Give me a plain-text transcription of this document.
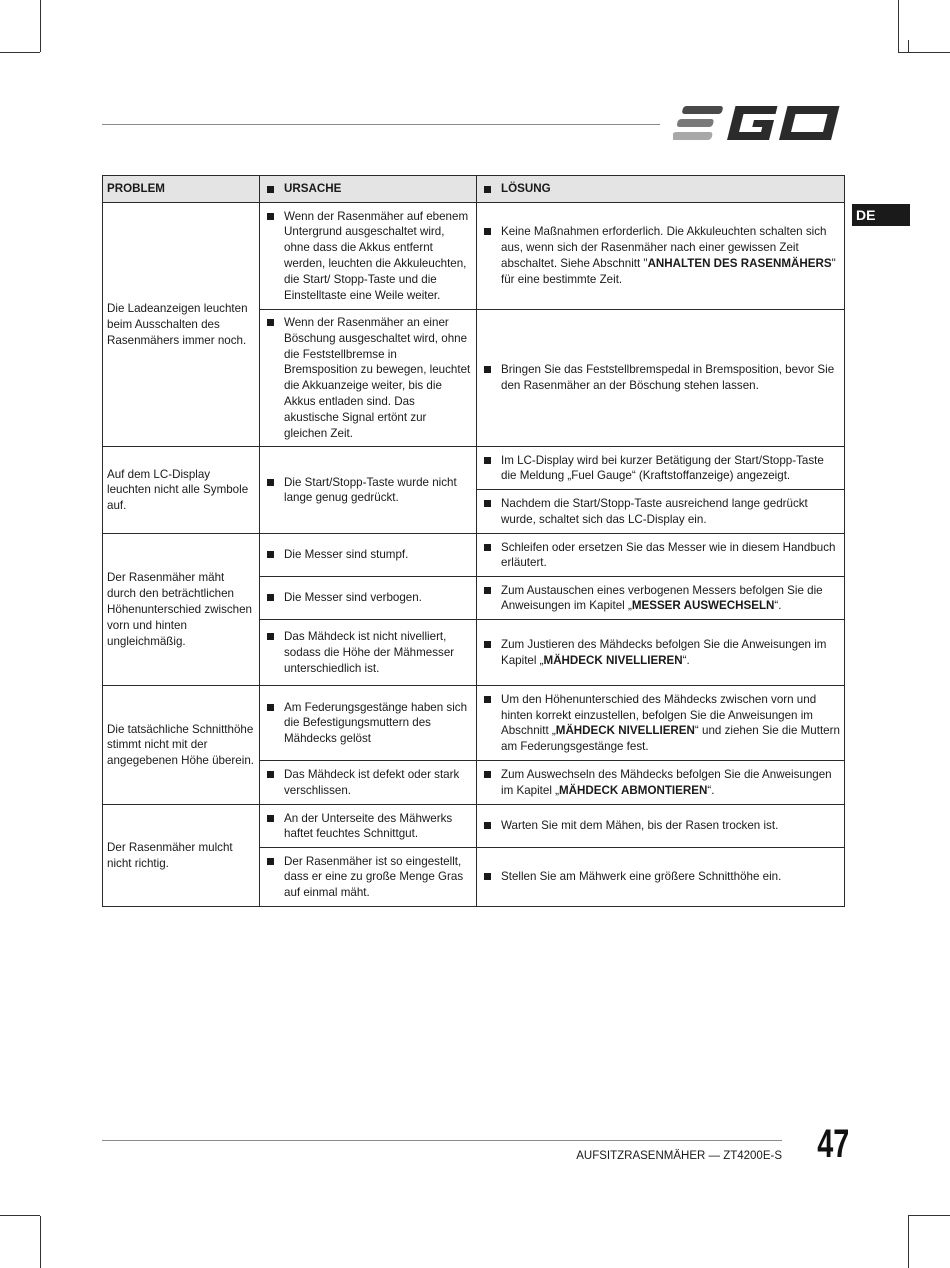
DE
PROBLEM	URSACHE	LÖSUNG

Die Ladeanzeigen leuchten beim Ausschalten des Rasenmähers immer noch.	Wenn der Rasenmäher auf ebenem Untergrund ausgeschaltet wird, ohne dass die Akkus entfernt werden, leuchten die Akkuleuchten, die Start/ Stopp-Taste und die Einstelltaste eine Weile weiter.	Keine Maßnahmen erforderlich. Die Akkuleuchten schalten sich aus, wenn sich der Rasenmäher nach einer gewissen Zeit abschaltet. Siehe Abschnitt "ANHALTEN DES RASENMÄHERS" für eine bestimmte Zeit.

	Wenn der Rasenmäher an einer Böschung ausgeschaltet wird, ohne die Feststellbremse in Bremsposition zu bewegen, leuchtet die Akkuanzeige weiter, bis die Akkus entladen sind. Das akustische Signal ertönt zur gleichen Zeit.	Bringen Sie das Feststellbremspedal in Bremsposition, bevor Sie den Rasenmäher an der Böschung stehen lassen.

Auf dem LC-Display leuchten nicht alle Symbole auf.	Die Start/Stopp-Taste wurde nicht lange genug gedrückt.	Im LC-Display wird bei kurzer Betätigung der Start/Stopp-Taste die Meldung „Fuel Gauge“ (Kraftstoffanzeige) angezeigt.

		Nachdem die Start/Stopp-Taste ausreichend lange gedrückt wurde, schaltet sich das LC-Display ein.

Der Rasenmäher mäht durch den beträchtlichen Höhenunterschied zwischen vorn und hinten ungleichmäßig.	Die Messer sind stumpf.	Schleifen oder ersetzen Sie das Messer wie in diesem Handbuch erläutert.

	Die Messer sind verbogen.	Zum Austauschen eines verbogenen Messers befolgen Sie die Anweisungen im Kapitel „MESSER AUSWECHSELN“.

	Das Mähdeck ist nicht nivelliert, sodass die Höhe der Mähmesser unterschiedlich ist.	Zum Justieren des Mähdecks befolgen Sie die Anweisungen im Kapitel „MÄHDECK NIVELLIEREN“.

Die tatsächliche Schnitthöhe stimmt nicht mit der angegebenen Höhe überein.	Am Federungsgestänge haben sich die Befestigungsmuttern des Mähdecks gelöst	Um den Höhenunterschied des Mähdecks zwischen vorn und hinten korrekt einzustellen, befolgen Sie die Anweisungen im Abschnitt „MÄHDECK NIVELLIEREN“ und ziehen Sie die Muttern am Federungsgestänge fest.

	Das Mähdeck ist defekt oder stark verschlissen.	Zum Auswechseln des Mähdecks befolgen Sie die Anweisungen im Kapitel „MÄHDECK ABMONTIEREN“.

Der Rasenmäher mulcht nicht richtig.	An der Unterseite des Mähwerks haftet feuchtes Schnittgut.	Warten Sie mit dem Mähen, bis der Rasen trocken ist.

	Der Rasenmäher ist so eingestellt, dass er eine zu große Menge Gras auf einmal mäht.	Stellen Sie am Mähwerk eine größere Schnitthöhe ein.
AUFSITZRASENMÄHER — ZT4200E-S 47
